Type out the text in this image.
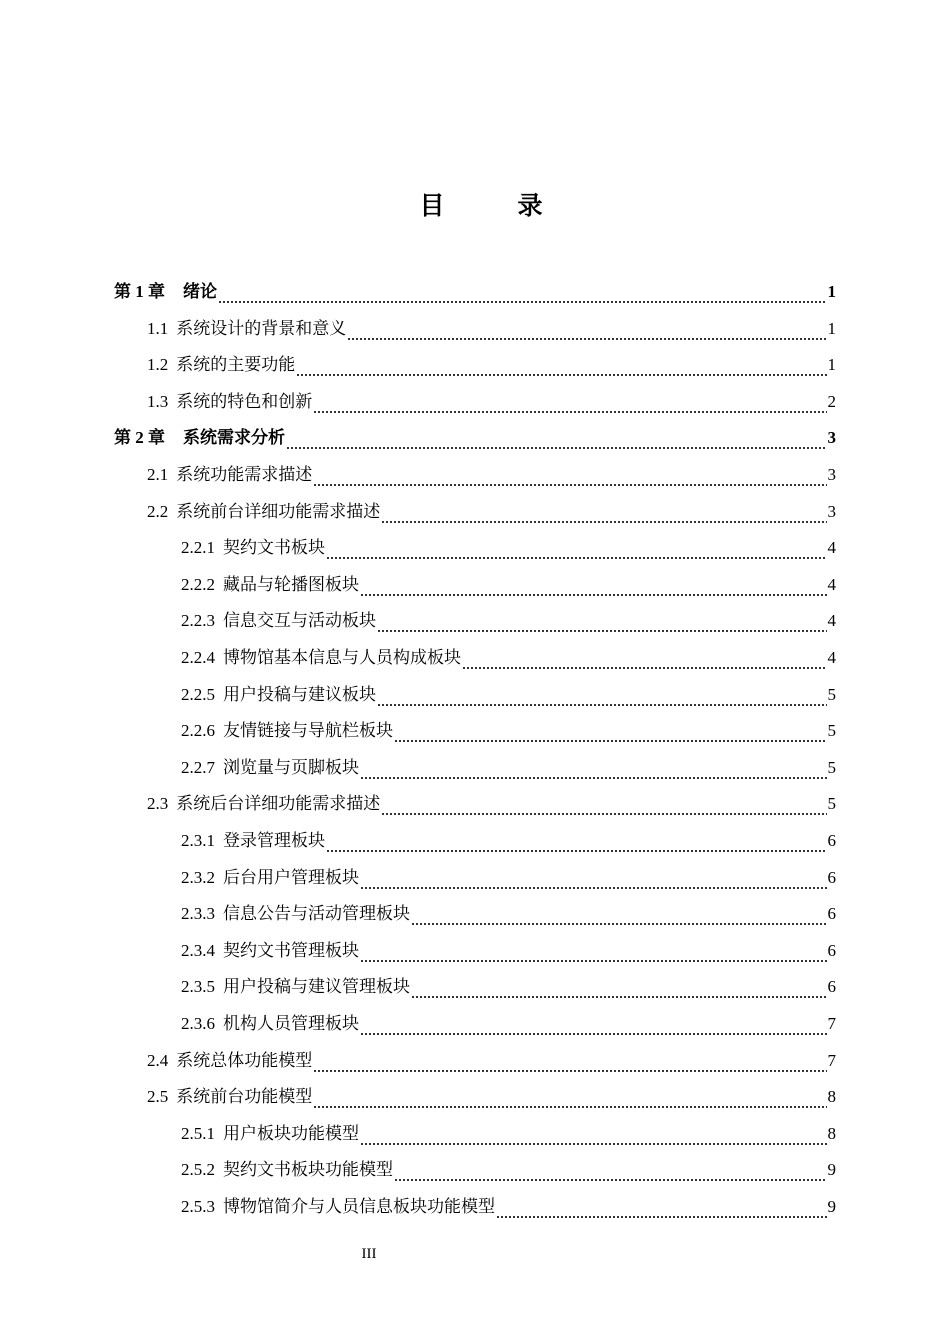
目　录
第 1 章 绪论	1
1.1 系统设计的背景和意义	1
1.2 系统的主要功能	1
1.3 系统的特色和创新	2
第 2 章 系统需求分析	3
2.1 系统功能需求描述	3
2.2 系统前台详细功能需求描述	3
2.2.1 契约文书板块	4
2.2.2 藏品与轮播图板块	4
2.2.3 信息交互与活动板块	4
2.2.4 博物馆基本信息与人员构成板块	4
2.2.5 用户投稿与建议板块	5
2.2.6 友情链接与导航栏板块	5
2.2.7 浏览量与页脚板块	5
2.3 系统后台详细功能需求描述	5
2.3.1 登录管理板块	6
2.3.2 后台用户管理板块	6
2.3.3 信息公告与活动管理板块	6
2.3.4 契约文书管理板块	6
2.3.5 用户投稿与建议管理板块	6
2.3.6 机构人员管理板块	7
2.4 系统总体功能模型	7
2.5 系统前台功能模型	8
2.5.1 用户板块功能模型	8
2.5.2 契约文书板块功能模型	9
2.5.3 博物馆简介与人员信息板块功能模型	9
III
